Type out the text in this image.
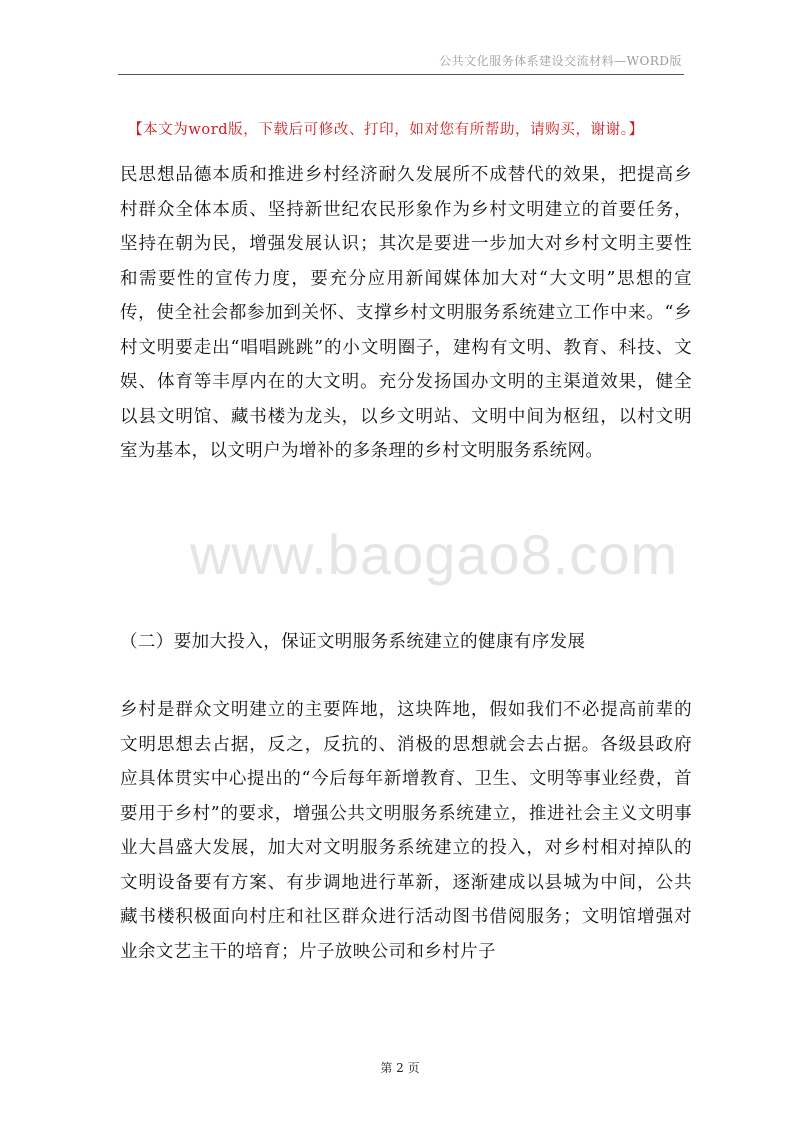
公共文化服务体系建设交流材料—WORD版
【本文为word版，下载后可修改、打印，如对您有所帮助，请购买，谢谢。】

民思想品德本质和推进乡村经济耐久发展所不成替代的效果，把提高乡村群众全体本质、坚持新世纪农民形象作为乡村文明建立的首要任务，坚持在朝为民，增强发展认识；其次是要进一步加大对乡村文明主要性和需要性的宣传力度，要充分应用新闻媒体加大对“大文明”思想的宣传，使全社会都参加到关怀、支撑乡村文明服务系统建立工作中来。“乡村文明要走出“唱唱跳跳”的小文明圈子，建构有文明、教育、科技、文娱、体育等丰厚内在的大文明。充分发扬国办文明的主渠道效果，健全以县文明馆、藏书楼为龙头，以乡文明站、文明中间为枢纽，以村文明室为基本，以文明户为增补的多条理的乡村文明服务系统网。

www.baogao8.com

（二）要加大投入，保证文明服务系统建立的健康有序发展

乡村是群众文明建立的主要阵地，这块阵地，假如我们不必提高前辈的文明思想去占据，反之，反抗的、消极的思想就会去占据。各级县政府应具体贯实中心提出的“今后每年新增教育、卫生、文明等事业经费，首要用于乡村”的要求，增强公共文明服务系统建立，推进社会主义文明事业大昌盛大发展，加大对文明服务系统建立的投入，对乡村相对掉队的文明设备要有方案、有步调地进行革新，逐渐建成以县城为中间，公共藏书楼积极面向村庄和社区群众进行活动图书借阅服务；文明馆增强对业余文艺主干的培育；片子放映公司和乡村片子

第 2 页
